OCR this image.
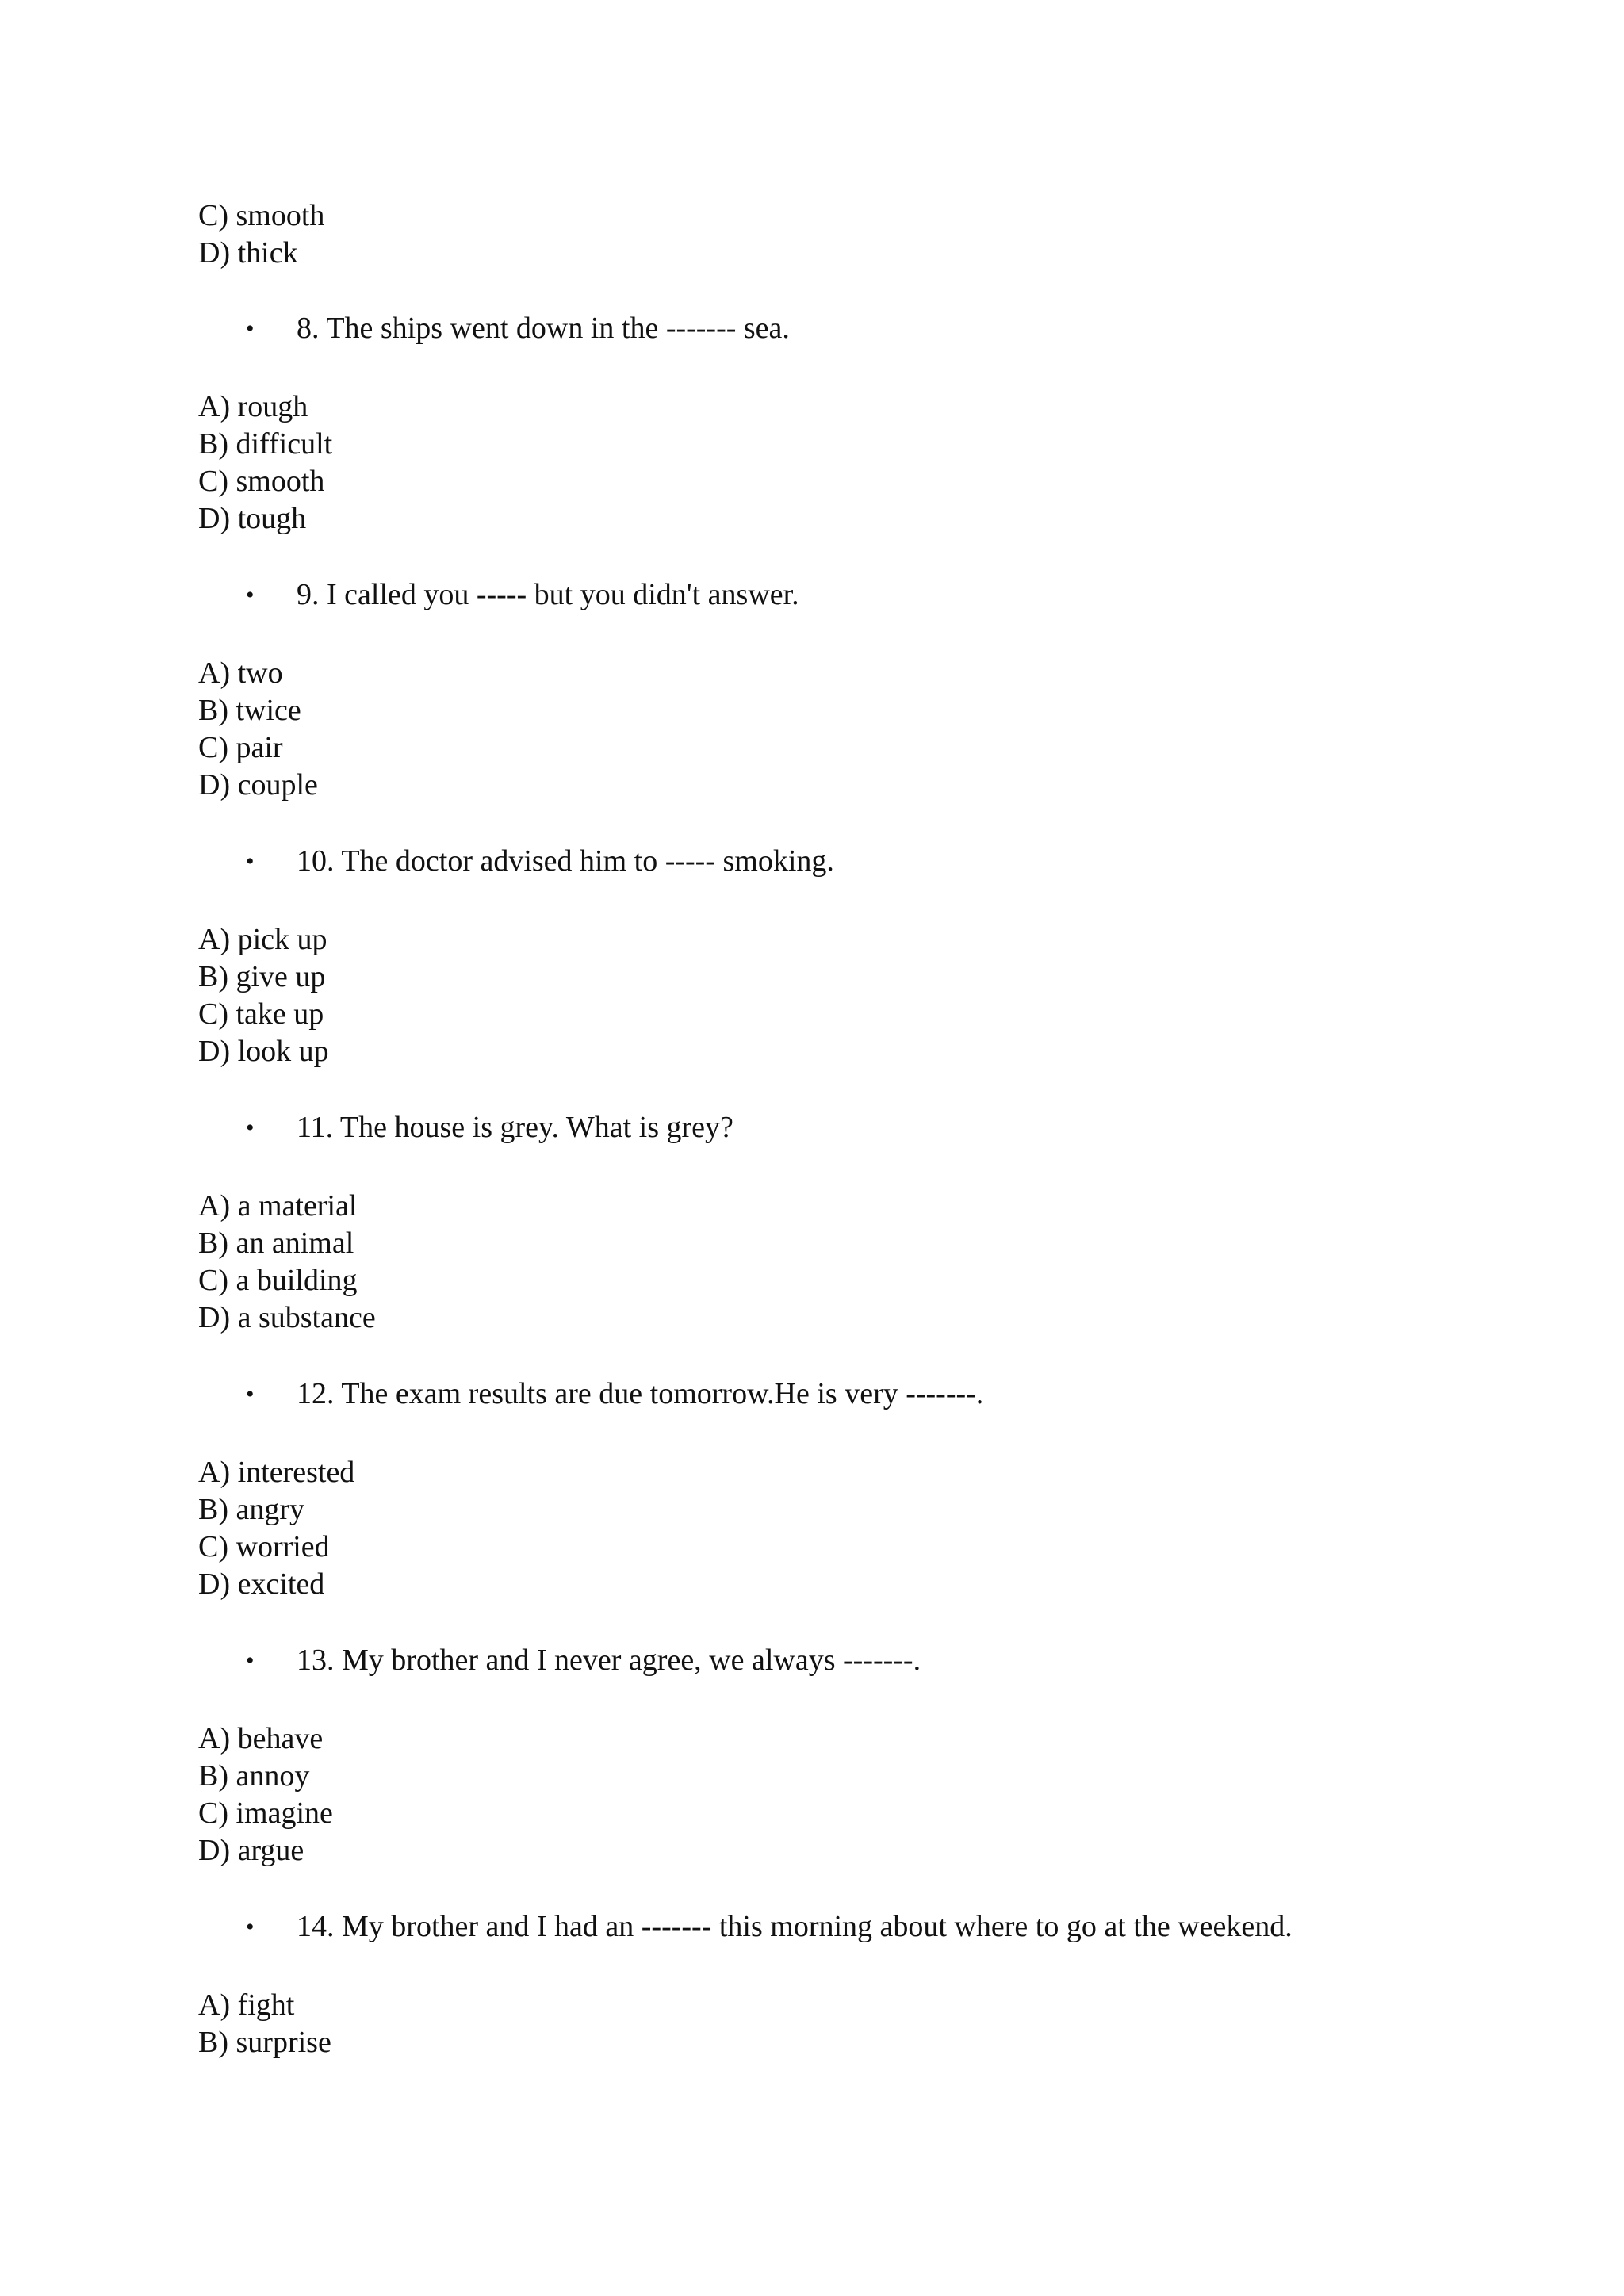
C) smooth
D) thick
• 8. The ships went down in the ------- sea.
A) rough
B) difficult
C) smooth
D) tough
• 9. I called you ----- but you didn't answer.
A) two
B) twice
C) pair
D) couple
• 10. The doctor advised him to ----- smoking.
A) pick up
B) give up
C) take up
D) look up
• 11. The house is grey. What is grey?
A) a material
B) an animal
C) a building
D) a substance
• 12. The exam results are due tomorrow.He is very -------.
A) interested
B) angry
C) worried
D) excited
• 13. My brother and I never agree, we always -------.
A) behave
B) annoy
C) imagine
D) argue
• 14. My brother and I had an ------- this morning about where to go at the weekend.
A) fight
B) surprise
